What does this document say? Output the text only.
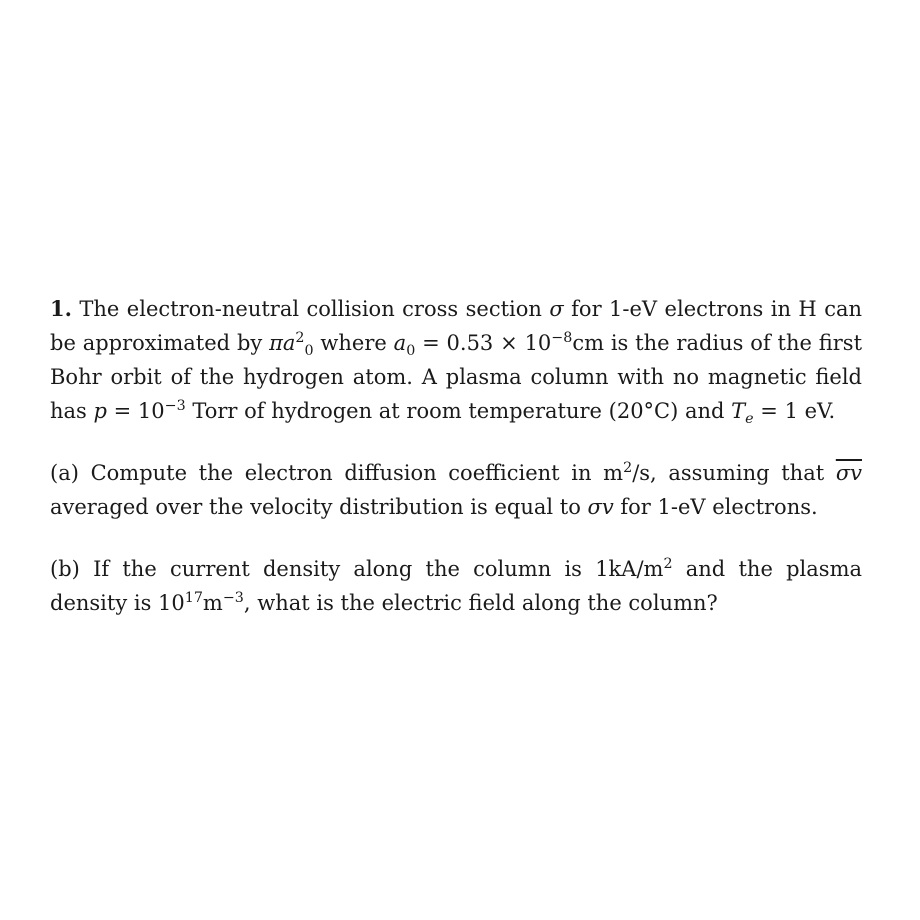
1. The electron-neutral collision cross section σ for 1-eV electrons in H can be approximated by $\pi a^2_0$ where $a_0 = 0.53 \times 10^{-8}cm$ is the radius of the first Bohr orbit of the hydrogen atom. A plasma column with no magnetic field has $p = 10^{-3}$ Torr of hydrogen at room temperature (20°C) and $T_e = 1$ eV.

(a) Compute the electron diffusion coefficient in $m^2/s$, assuming that $\overline{\sigma v}$ averaged over the velocity distribution is equal to σv for 1-eV electrons.

(b) If the current density along the column is $1kA/m^2$ and the plasma density is $10^{17}m^{-3}$, what is the electric field along the column?
